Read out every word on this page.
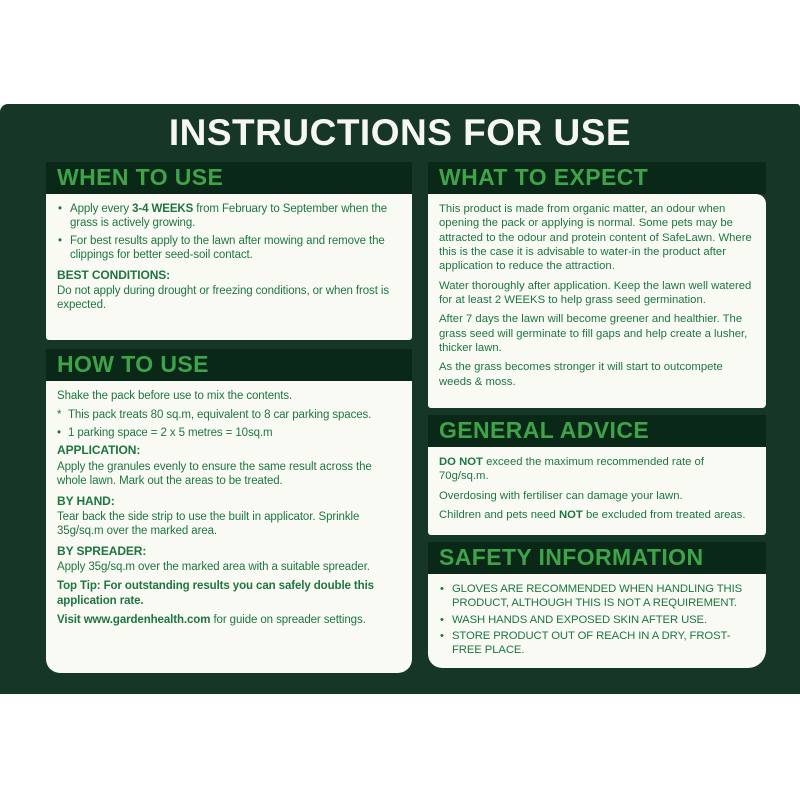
INSTRUCTIONS FOR USE
WHEN TO USE
• Apply every 3-4 WEEKS from February to September when the grass is actively growing.
• For best results apply to the lawn after mowing and remove the clippings for better seed-soil contact.

BEST CONDITIONS:

Do not apply during drought or freezing conditions, or when frost is expected.

HOW TO USE

Shake the pack before use to mix the contents.

* This pack treats 80 sq.m, equivalent to 8 car parking spaces.

• 1 parking space = 2 x 5 metres = 10sq.m

APPLICATION:

Apply the granules evenly to ensure the same result across the whole lawn. Mark out the areas to be treated.

BY HAND:

Tear back the side strip to use the built in applicator. Sprinkle 35g/sq.m over the marked area.

BY SPREADER:

Apply 35g/sq.m over the marked area with a suitable spreader.

Top Tip: For outstanding results you can safely double this application rate.

Visit www.gardenhealth.com for guide on spreader settings.

WHAT TO EXPECT

This product is made from organic matter, an odour when opening the pack or applying is normal. Some pets may be attracted to the odour and protein content of SafeLawn. Where this is the case it is advisable to water-in the product after application to reduce the attraction.

Water thoroughly after application. Keep the lawn well watered for at least 2 WEEKS to help grass seed germination.

After 7 days the lawn will become greener and healthier. The grass seed will germinate to fill gaps and help create a lusher, thicker lawn.

As the grass becomes stronger it will start to outcompete weeds & moss.

GENERAL ADVICE

DO NOT exceed the maximum recommended rate of 70g/sq.m.

Overdosing with fertiliser can damage your lawn.

Children and pets need NOT be excluded from treated areas.

SAFETY INFORMATION
• GLOVES ARE RECOMMENDED WHEN HANDLING THIS PRODUCT, ALTHOUGH THIS IS NOT A REQUIREMENT.
• WASH HANDS AND EXPOSED SKIN AFTER USE.
• STORE PRODUCT OUT OF REACH IN A DRY, FROST-FREE PLACE.
